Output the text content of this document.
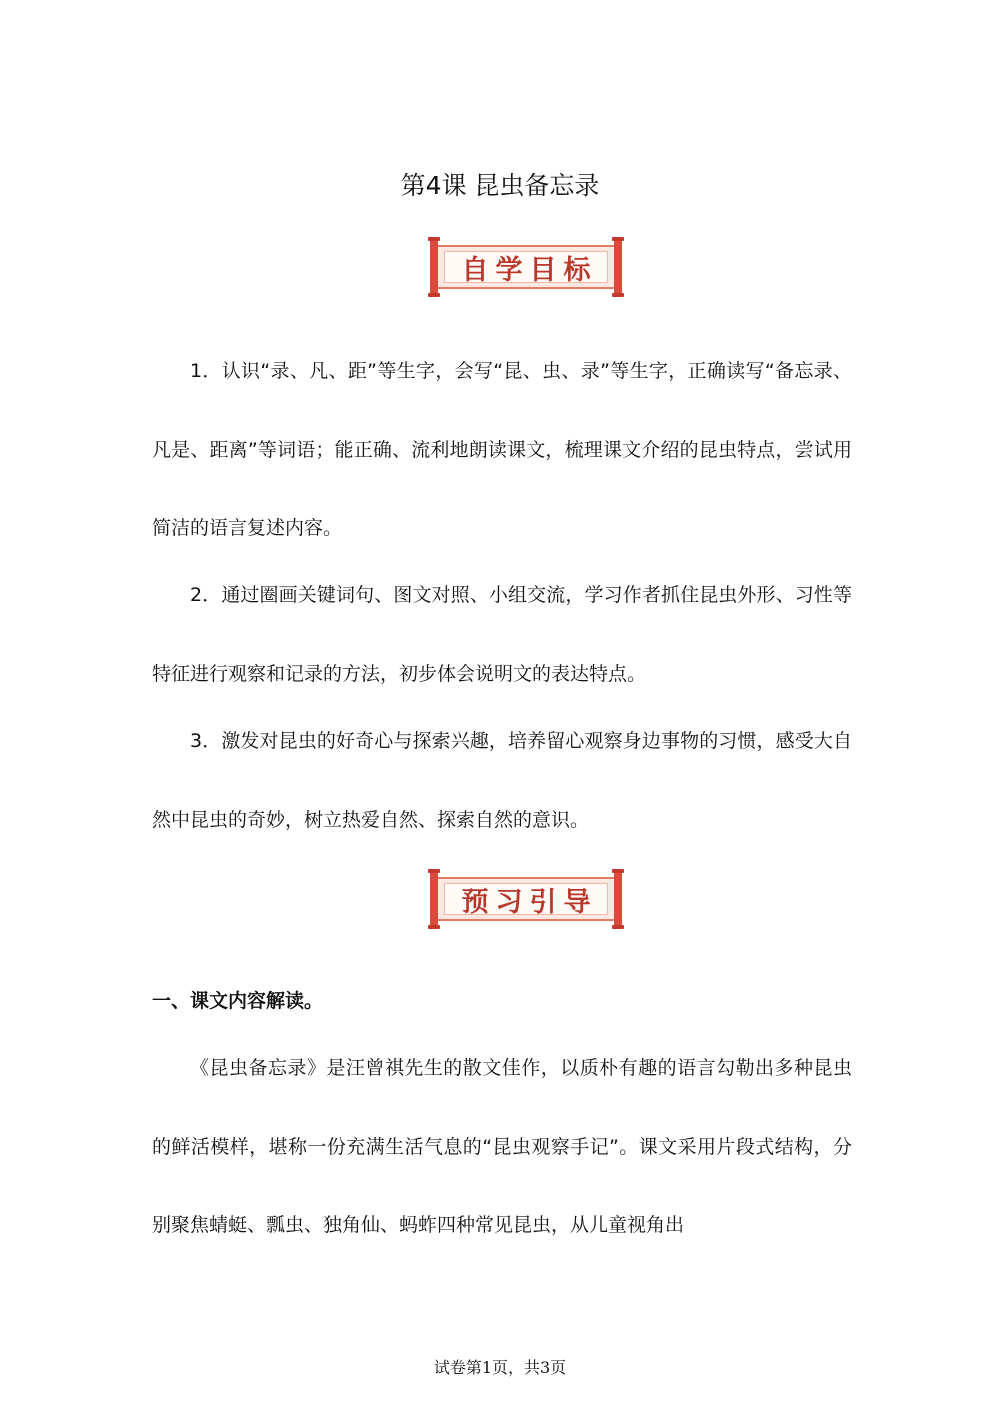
第4课 昆虫备忘录
自学目标

1．认识“录、凡、距”等生字，会写“昆、虫、录”等生字，正确读写“备忘录、凡是、距离”等词语；能正确、流利地朗读课文，梳理课文介绍的昆虫特点，尝试用简洁的语言复述内容。

2．通过圈画关键词句、图文对照、小组交流，学习作者抓住昆虫外形、习性等特征进行观察和记录的方法，初步体会说明文的表达特点。

3．激发对昆虫的好奇心与探索兴趣，培养留心观察身边事物的习惯，感受大自然中昆虫的奇妙，树立热爱自然、探索自然的意识。

预习引导
一、课文内容解读。

《昆虫备忘录》是汪曾祺先生的散文佳作，以质朴有趣的语言勾勒出多种昆虫的鲜活模样，堪称一份充满生活气息的“昆虫观察手记”。课文采用片段式结构，分别聚焦蜻蜓、瓢虫、独角仙、蚂蚱四种常见昆虫，从儿童视角出

试卷第1页，共3页
